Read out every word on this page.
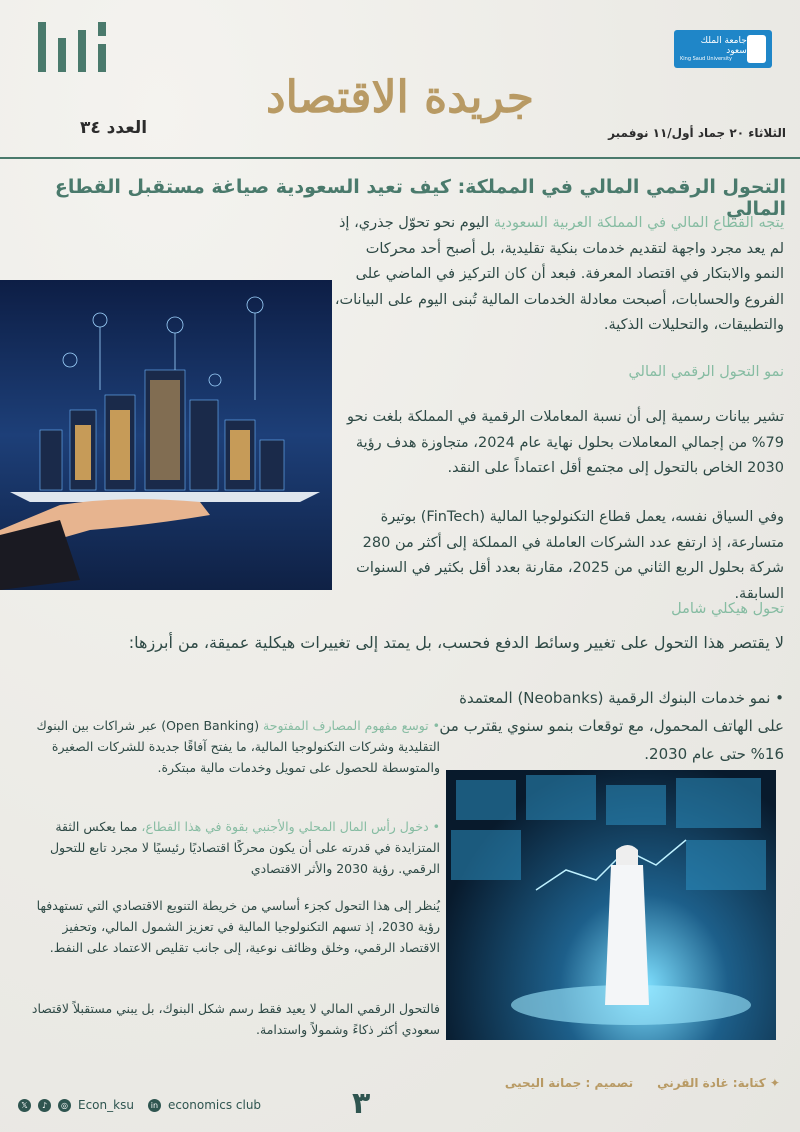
جامعة الملك سعود
King Saud University
جريدة الاقتصاد
العدد ٣٤	الثلاثاء ٢٠ جماد أول/١١ نوفمبر
التحول الرقمي المالي في المملكة: كيف تعيد السعودية صياغة مستقبل القطاع المالي
يتجه القطاع المالي في المملكة العربية السعودية اليوم نحو تحوّل جذري، إذ لم يعد مجرد واجهة لتقديم خدمات بنكية تقليدية، بل أصبح أحد محركات النمو والابتكار في اقتصاد المعرفة. فبعد أن كان التركيز في الماضي على الفروع والحسابات، أصبحت معادلة الخدمات المالية تُبنى اليوم على البيانات، والتطبيقات، والتحليلات الذكية.
نمو التحول الرقمي المالي
تشير بيانات رسمية إلى أن نسبة المعاملات الرقمية في المملكة بلغت نحو 79% من إجمالي المعاملات بحلول نهاية عام 2024، متجاوزة هدف رؤية 2030 الخاص بالتحول إلى مجتمع أقل اعتماداً على النقد.
وفي السياق نفسه، يعمل قطاع التكنولوجيا المالية (FinTech) بوتيرة متسارعة، إذ ارتفع عدد الشركات العاملة في المملكة إلى أكثر من 280 شركة بحلول الربع الثاني من 2025، مقارنة بعدد أقل بكثير في السنوات السابقة.
تحول هيكلي شامل
لا يقتصر هذا التحول على تغيير وسائط الدفع فحسب، بل يمتد إلى تغييرات هيكلية عميقة، من أبرزها:
• نمو خدمات البنوك الرقمية (Neobanks) المعتمدة على الهاتف المحمول، مع توقعات بنمو سنوي يقترب من 16% حتى عام 2030.
• توسع مفهوم المصارف المفتوحة (Open Banking) عبر شراكات بين البنوك التقليدية وشركات التكنولوجيا المالية، ما يفتح آفاقًا جديدة للشركات الصغيرة والمتوسطة للحصول على تمويل وخدمات مالية مبتكرة.
• دخول رأس المال المحلي والأجنبي بقوة في هذا القطاع، مما يعكس الثقة المتزايدة في قدرته على أن يكون محركًا اقتصاديًا رئيسيًا لا مجرد تابع للتحول الرقمي. رؤية 2030 والأثر الاقتصادي
يُنظر إلى هذا التحول كجزء أساسي من خريطة التنويع الاقتصادي التي تستهدفها رؤية 2030، إذ تسهم التكنولوجيا المالية في تعزيز الشمول المالي، وتحفيز الاقتصاد الرقمي، وخلق وظائف نوعية، إلى جانب تقليص الاعتماد على النفط.
فالتحول الرقمي المالي لا يعيد فقط رسم شكل البنوك، بل يبني مستقبلاً لاقتصاد سعودي أكثر ذكاءً وشمولاً واستدامة.
𝕏	♪	◎ Econ_ksu	in economics club	٣
✦ كتابة: غادة القرني
تصميم : جمانة اليحيى
